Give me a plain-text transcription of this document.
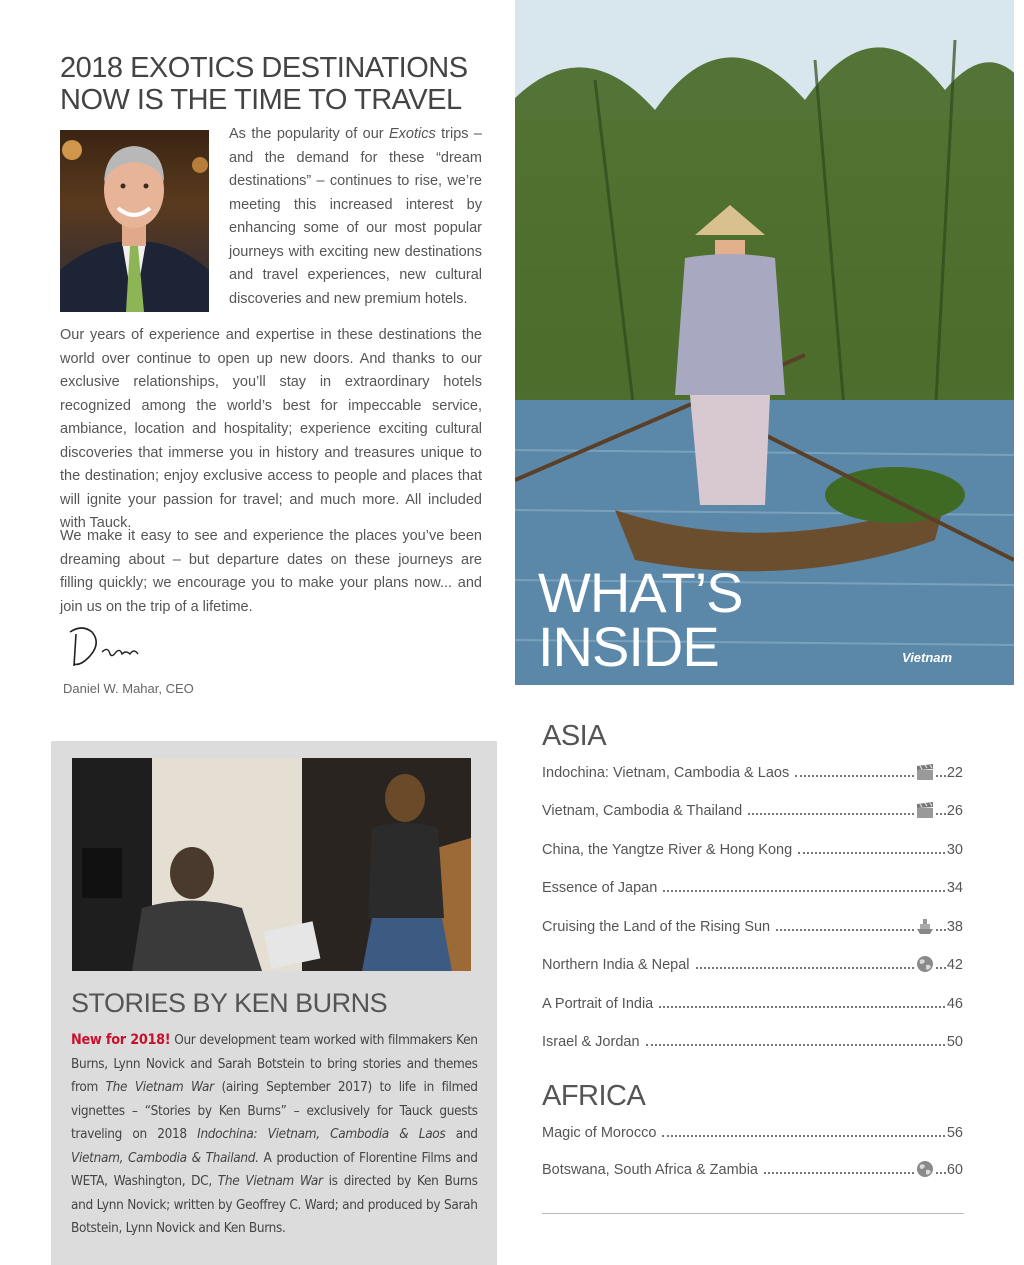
2018 EXOTICS DESTINATIONS
NOW IS THE TIME TO TRAVEL
As the popularity of our Exotics trips – and the demand for these “dream destinations” – continues to rise, we’re meeting this increased interest by enhancing some of our most popular journeys with exciting new destinations and travel experiences, new cultural discoveries and new premium hotels.
Our years of experience and expertise in these destinations the world over continue to open up new doors. And thanks to our exclusive relationships, you’ll stay in extraordinary hotels recognized among the world’s best for impeccable service, ambiance, location and hospitality; experience exciting cultural discoveries that immerse you in history and treasures unique to the destination; enjoy exclusive access to people and places that will ignite your passion for travel; and much more. All included with Tauck.
We make it easy to see and experience the places you’ve been dreaming about – but departure dates on these journeys are filling quickly; we encourage you to make your plans now... and join us on the trip of a lifetime.
Daniel W. Mahar, CEO
WHAT’S
INSIDE	Vietnam
STORIES BY KEN BURNS
New for 2018! Our development team worked with filmmakers Ken Burns, Lynn Novick and Sarah Botstein to bring stories and themes from The Vietnam War (airing September 2017) to life in filmed vignettes – “Stories by Ken Burns” – exclusively for Tauck guests traveling on 2018 Indochina: Vietnam, Cambodia & Laos and Vietnam, Cambodia & Thailand. A production of Florentine Films and WETA, Washington, DC, The Vietnam War is directed by Ken Burns and Lynn Novick; written by Geoffrey C. Ward; and produced by Sarah Botstein, Lynn Novick and Ken Burns.
ASIA
Indochina: Vietnam, Cambodia & Laos	22
Vietnam, Cambodia & Thailand	26
China, the Yangtze River & Hong Kong	30
Essence of Japan	34
Cruising the Land of the Rising Sun	38
Northern India & Nepal	42
A Portrait of India	46
Israel & Jordan	50
AFRICA
Magic of Morocco	56
Botswana, South Africa & Zambia	60
